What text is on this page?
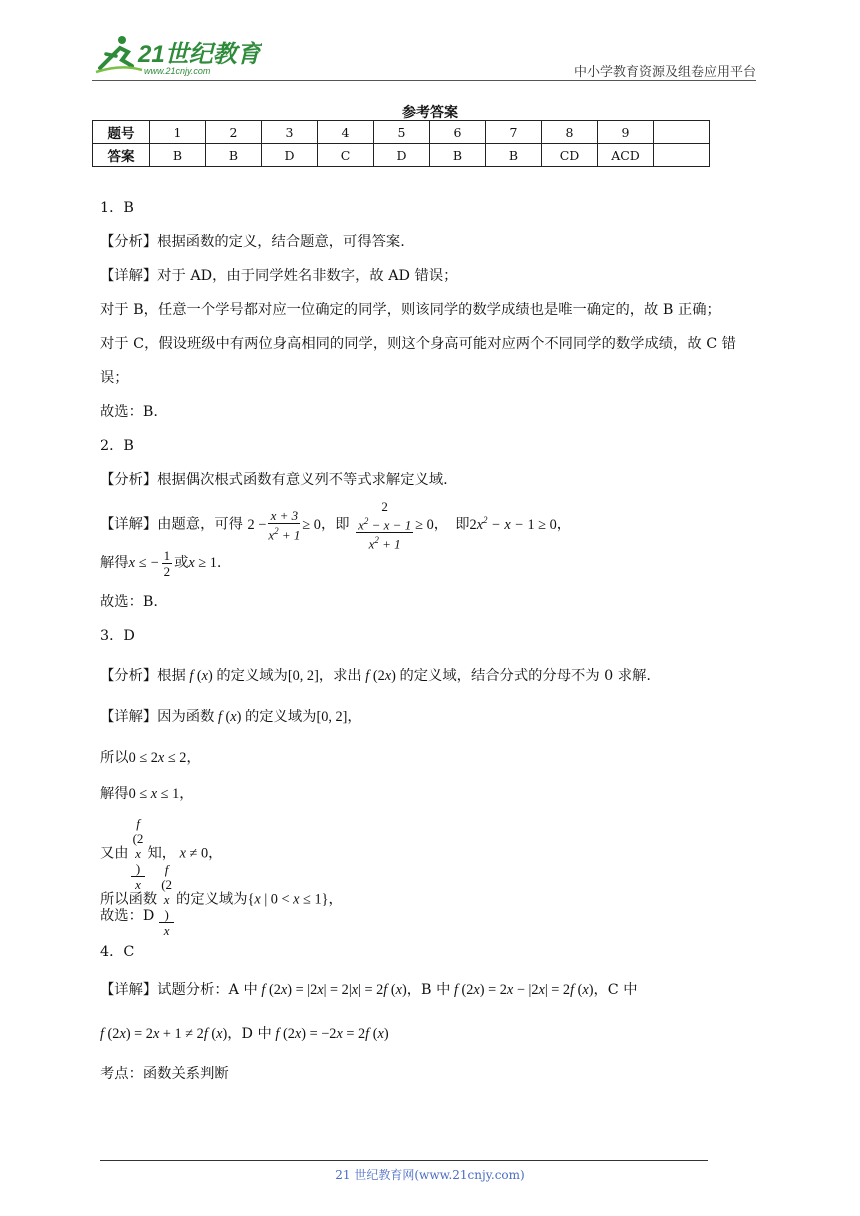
21世纪教育
www.21cnjy.com	中小学教育资源及组卷应用平台
参考答案
题号	1	2	3	4	5	6	7	8	9	
答案	B	B	D	C	D	B	B	CD	ACD	
1．B
【分析】根据函数的定义，结合题意，可得答案.
【详解】对于 AD，由于同学姓名非数字，故 AD 错误；
对于 B，任意一个学号都对应一位确定的同学，则该同学的数学成绩也是唯一确定的，故 B 正确；
对于 C，假设班级中有两位身高相同的同学，则这个身高可能对应两个不同同学的数学成绩，故 C 错
误；
故选：B.
2．B
【分析】根据偶次根式函数有意义列不等式求解定义域.
【详解】由题意，可得 $2 - \frac{x + 3}{x^2 + 1} \ge 0$，即 2
$x^2 - x - 1$
$x^2 + 1 \ge 0$，　即$2x^2 - x - 1 \ge 0$，
解得x ≤ − $\frac{1}{2}$ 或x ≥ 1.
故选：B.
3．D
【分析】根据 f (x) 的定义域为[0, 2]，求出 f (2x) 的定义域，结合分式的分母不为 0 求解.
【详解】因为函数 f (x) 的定义域为[0, 2]，
所以0 ≤ 2x ≤ 2，
解得0 ≤ x ≤ 1，
又由 f
(2
x
)
x 知， x ≠ 0，
所以函数 f
(2
x
)
x 的定义域为{x | 0 < x ≤ 1}，
故选：D
4．C
【详解】试题分析：A 中 f (2x) = |2x| = 2|x| = 2f (x)，B 中 f (2x) = 2x − |2x| = 2f (x)，C 中
f (2x) = 2x + 1 ≠ 2f (x)，D 中 f (2x) = −2x = 2f (x)
考点：函数关系判断
21 世纪教育网(www.21cnjy.com)
